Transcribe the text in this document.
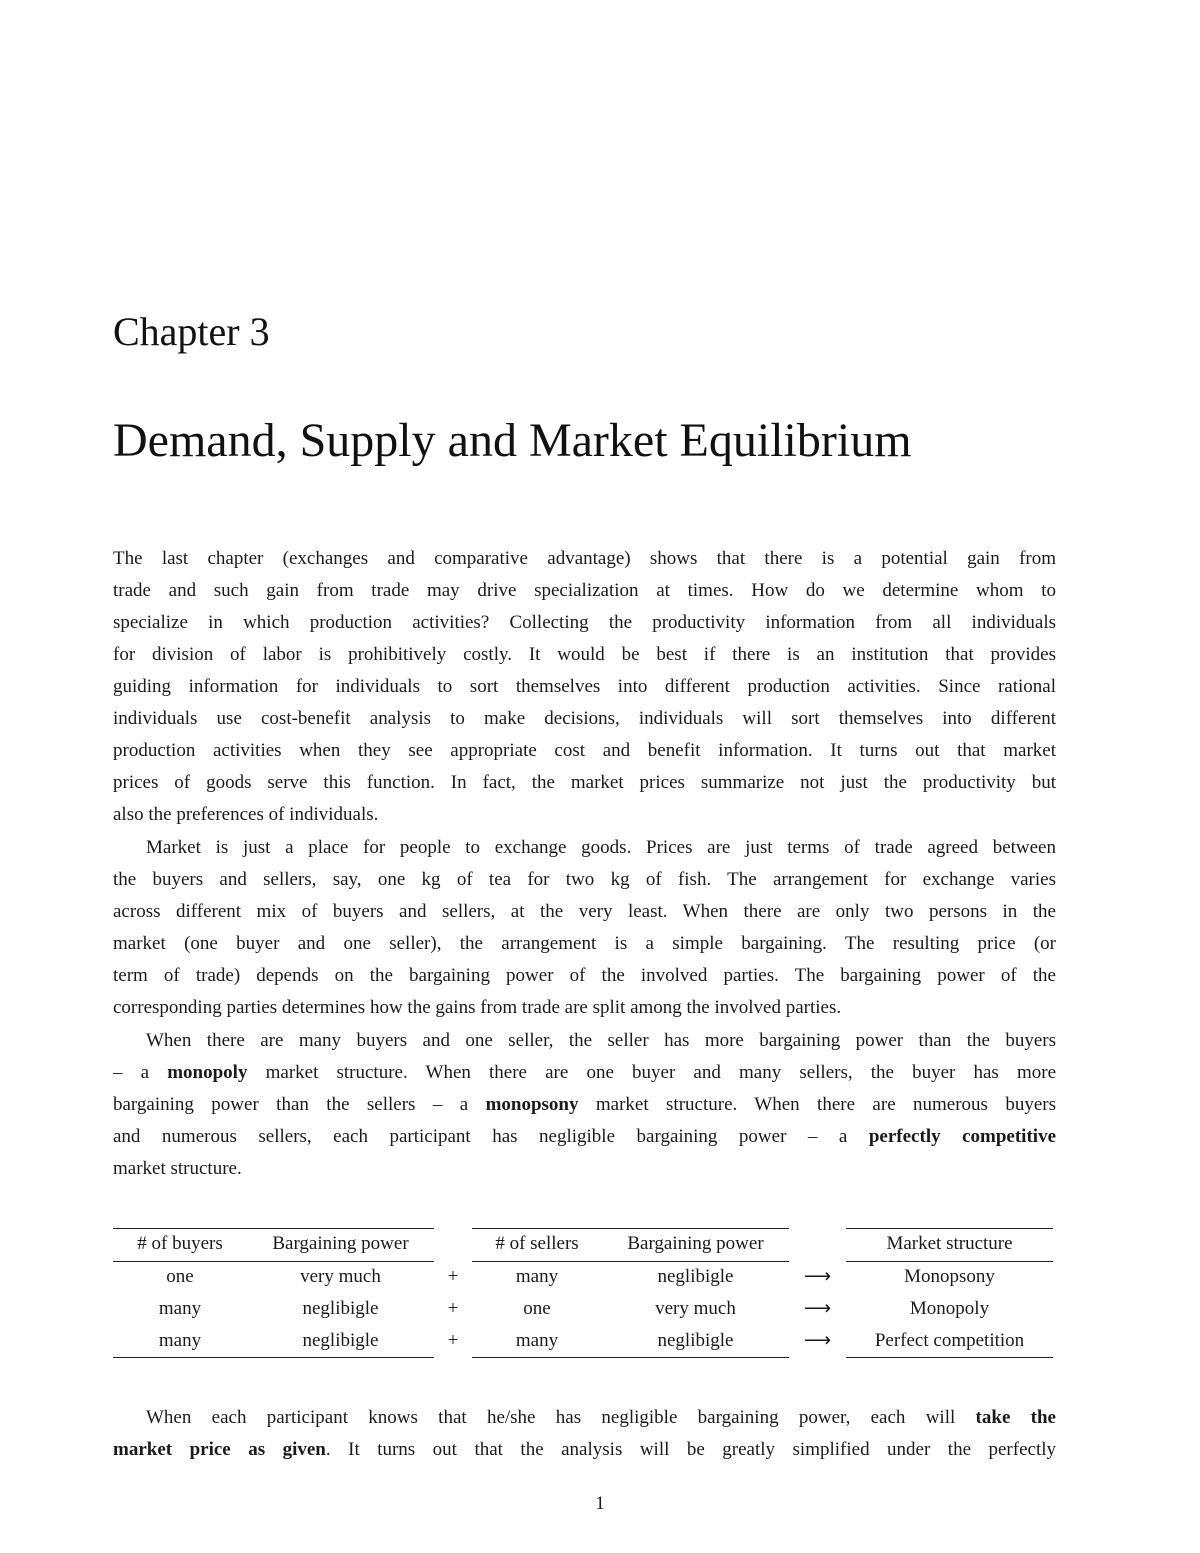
Chapter 3
Demand, Supply and Market Equilibrium
The last chapter (exchanges and comparative advantage) shows that there is a potential gain from
trade and such gain from trade may drive specialization at times. How do we determine whom to
specialize in which production activities? Collecting the productivity information from all individuals
for division of labor is prohibitively costly. It would be best if there is an institution that provides
guiding information for individuals to sort themselves into different production activities. Since rational
individuals use cost-benefit analysis to make decisions, individuals will sort themselves into different
production activities when they see appropriate cost and benefit information. It turns out that market
prices of goods serve this function. In fact, the market prices summarize not just the productivity but
also the preferences of individuals.
Market is just a place for people to exchange goods. Prices are just terms of trade agreed between
the buyers and sellers, say, one kg of tea for two kg of fish. The arrangement for exchange varies
across different mix of buyers and sellers, at the very least. When there are only two persons in the
market (one buyer and one seller), the arrangement is a simple bargaining. The resulting price (or
term of trade) depends on the bargaining power of the involved parties. The bargaining power of the
corresponding parties determines how the gains from trade are split among the involved parties.
When there are many buyers and one seller, the seller has more bargaining power than the buyers
– a monopoly market structure. When there are one buyer and many sellers, the buyer has more
bargaining power than the sellers – a monopsony market structure. When there are numerous buyers
and numerous sellers, each participant has negligible bargaining power – a perfectly competitive
market structure.
# of buyers	Bargaining power	# of sellers	Bargaining power	Market structure
one	very much	+	many	neglibigle	⟶	Monopsony
many	neglibigle	+	one	very much	⟶	Monopoly
many	neglibigle	+	many	neglibigle	⟶	Perfect competition
When each participant knows that he/she has negligible bargaining power, each will take the
market price as given. It turns out that the analysis will be greatly simplified under the perfectly
1
